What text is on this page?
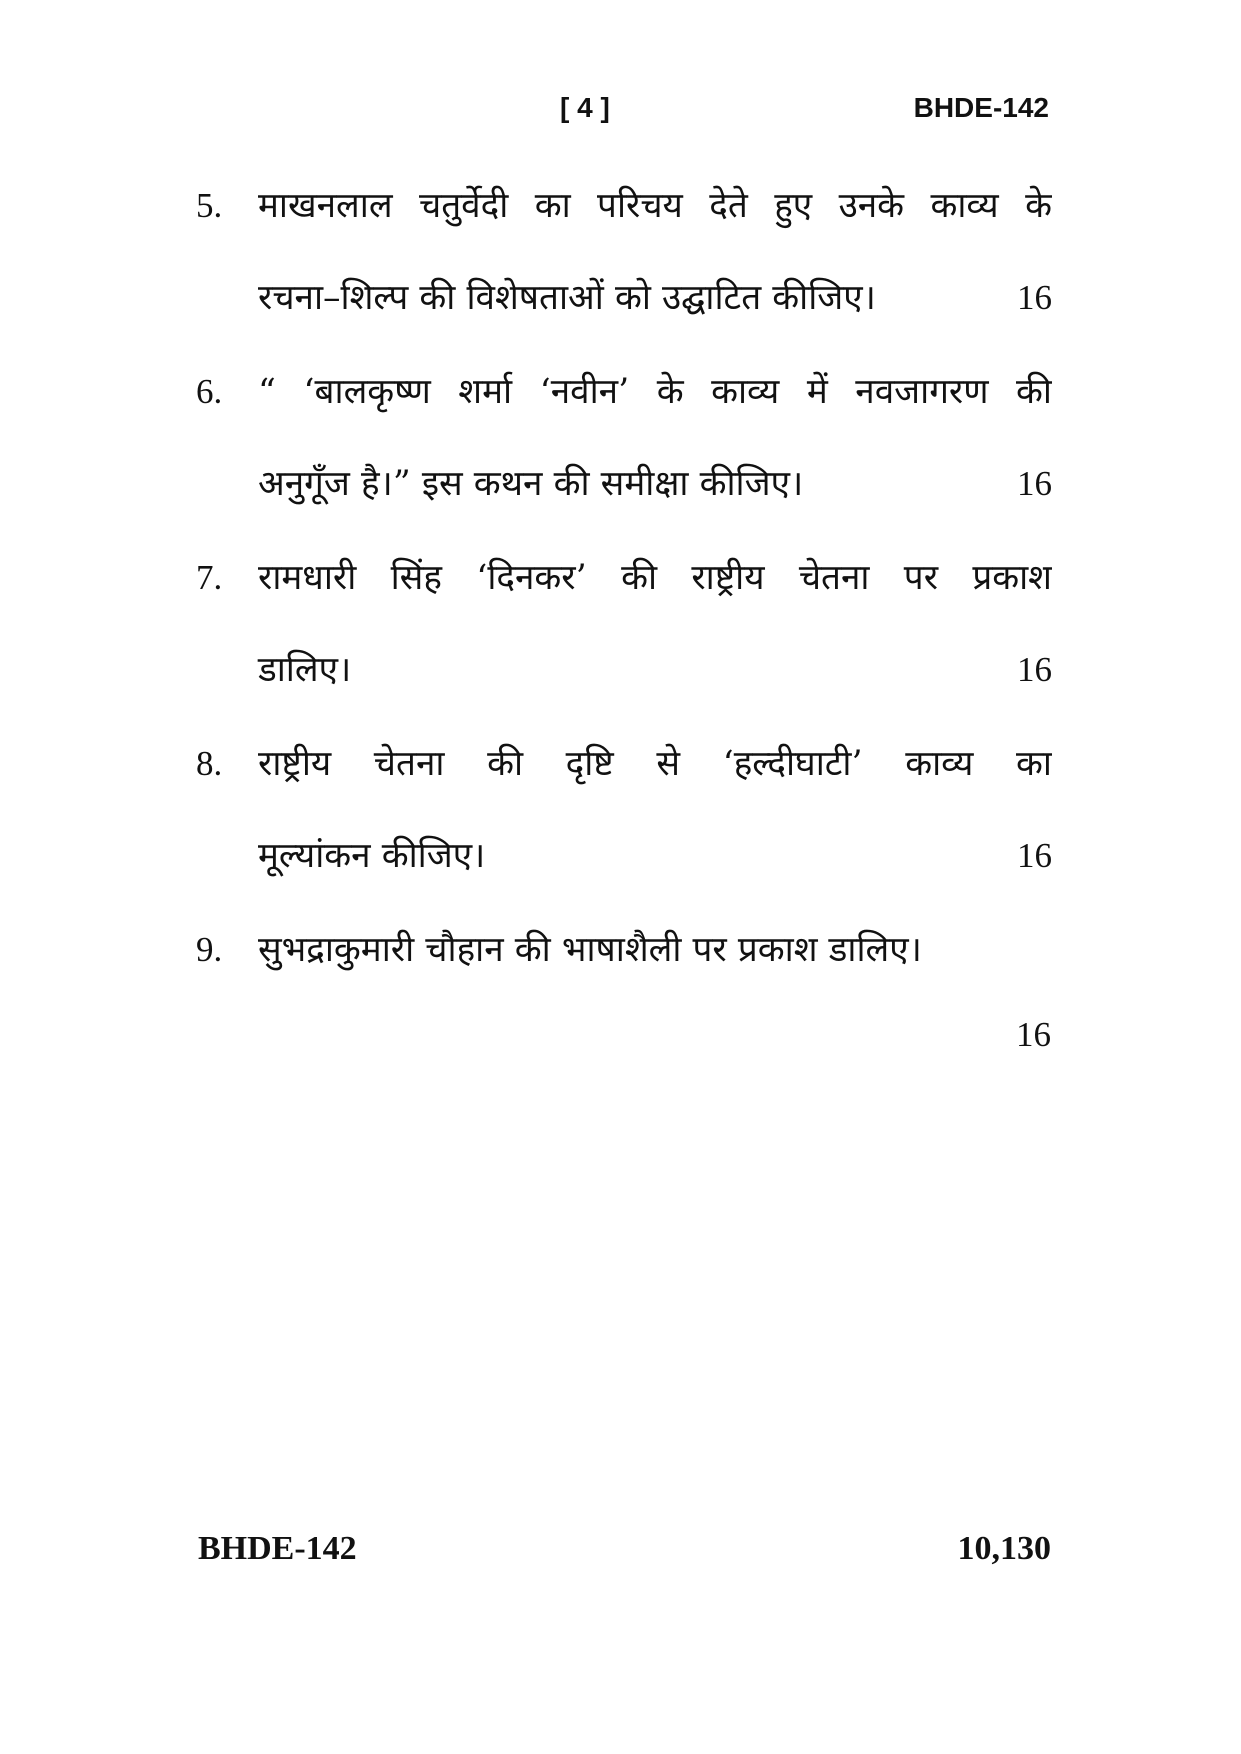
[ 4 ]	BHDE-142
5. माखनलाल चतुर्वेदी का परिचय देते हुए उनके काव्य के
रचना–शिल्प की विशेषताओं को उद्घाटित कीजिए।	16
6. “ ‘बालकृष्ण शर्मा ‘नवीन’ के काव्य में नवजागरण की
अनुगूँज है।” इस कथन की समीक्षा कीजिए।	16
7. रामधारी सिंह ‘दिनकर’ की राष्ट्रीय चेतना पर प्रकाश
डालिए।	16
8. राष्ट्रीय चेतना की दृष्टि से ‘हल्दीघाटी’ काव्य का
मूल्यांकन कीजिए।	16
9. सुभद्राकुमारी चौहान की भाषाशैली पर प्रकाश डालिए।
16
BHDE-142	10,130
